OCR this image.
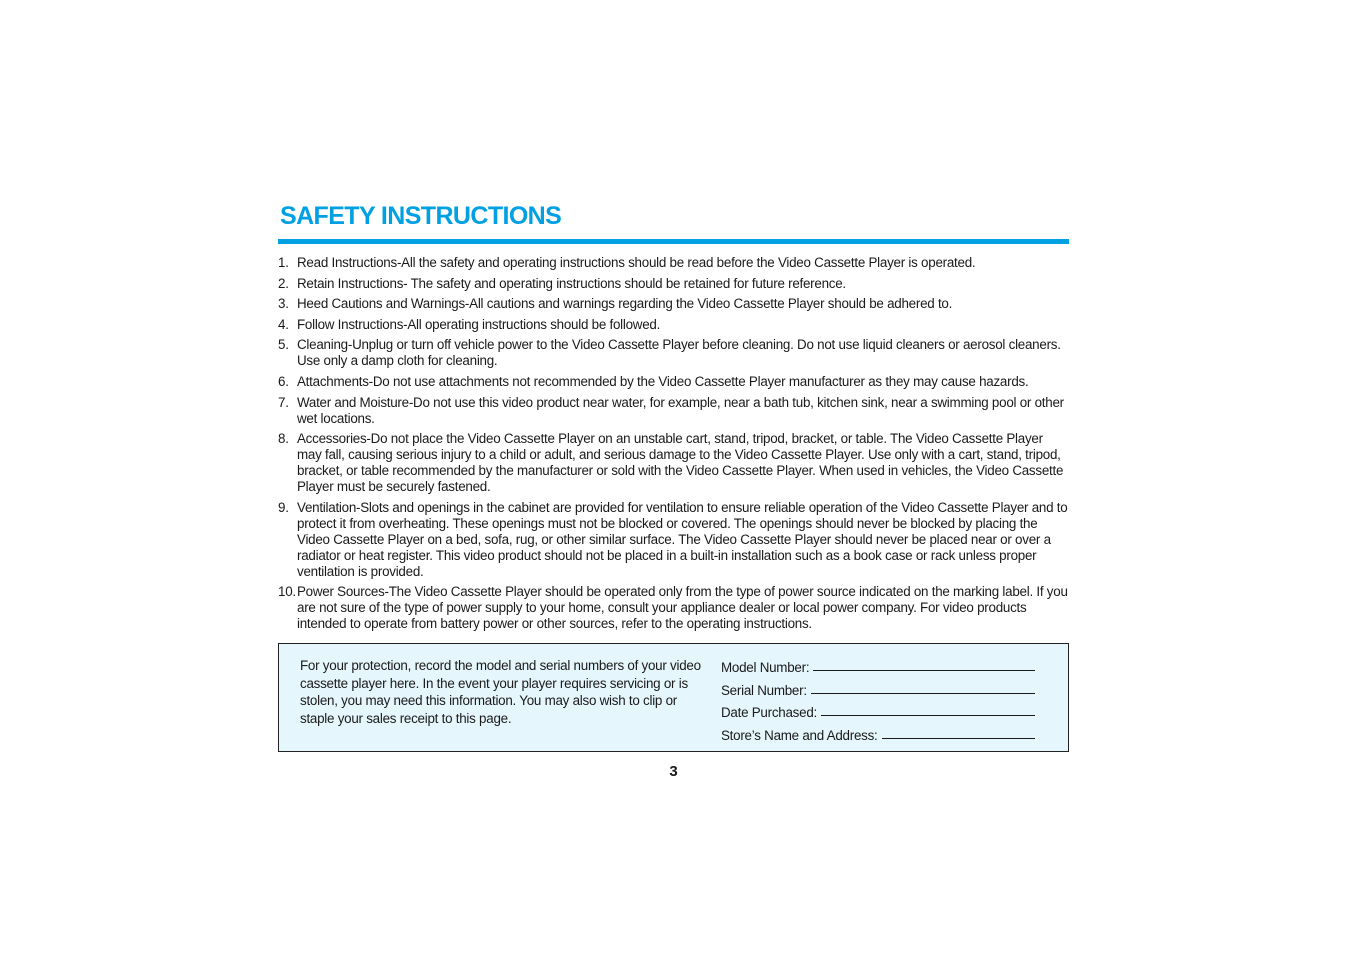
SAFETY INSTRUCTIONS
1. Read Instructions-All the safety and operating instructions should be read before the Video Cassette Player is operated.
2. Retain Instructions- The safety and operating instructions should be retained for future reference.
3. Heed Cautions and Warnings-All cautions and warnings regarding the Video Cassette Player should be adhered to.
4. Follow Instructions-All operating instructions should be followed.
5. Cleaning-Unplug or turn off vehicle power to the Video Cassette Player before cleaning. Do not use liquid cleaners or aerosol cleaners. Use only a damp cloth for cleaning.
6. Attachments-Do not use attachments not recommended by the Video Cassette Player manufacturer as they may cause hazards.
7. Water and Moisture-Do not use this video product near water, for example, near a bath tub, kitchen sink, near a swimming pool or other wet locations.
8. Accessories-Do not place the Video Cassette Player on an unstable cart, stand, tripod, bracket, or table. The Video Cassette Player may fall, causing serious injury to a child or adult, and serious damage to the Video Cassette Player. Use only with a cart, stand, tripod, bracket, or table recommended by the manufacturer or sold with the Video Cassette Player. When used in vehicles, the Video Cassette Player must be securely fastened.
9. Ventilation-Slots and openings in the cabinet are provided for ventilation to ensure reliable operation of the Video Cassette Player and to protect it from overheating. These openings must not be blocked or covered. The openings should never be blocked by placing the Video Cassette Player on a bed, sofa, rug, or other similar surface. The Video Cassette Player should never be placed near or over a radiator or heat register. This video product should not be placed in a built-in installation such as a book case or rack unless proper ventilation is provided.
10. Power Sources-The Video Cassette Player should be operated only from the type of power source indicated on the marking label. If you are not sure of the type of power supply to your home, consult your appliance dealer or local power company. For video products intended to operate from battery power or other sources, refer to the operating instructions.

For your protection, record the model and serial numbers of your video cassette player here. In the event your player requires servicing or is stolen, you may need this information. You may also wish to clip or staple your sales receipt to this page.

Model Number:
Serial Number:
Date Purchased:
Store’s Name and Address:
3
